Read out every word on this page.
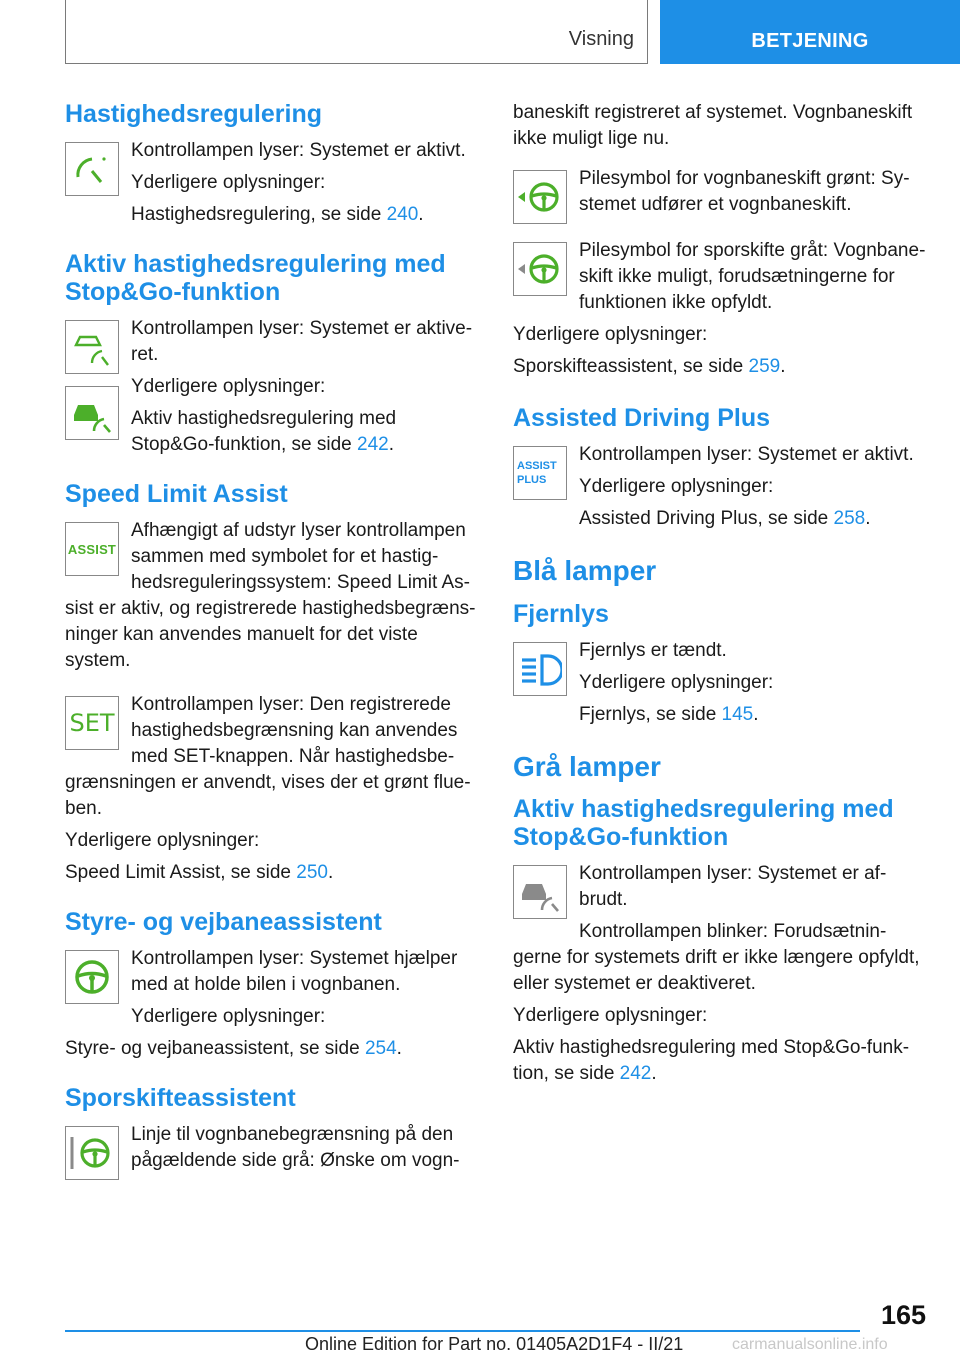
Visning	BETJENING
Hastighedsregulering

Kontrollampen lyser: Systemet er aktivt.

Yderligere oplysninger:

Hastighedsregulering, se side 240.

Aktiv hastighedsregulering med Stop&Go-funktion

Kontrollampen lyser: Systemet er aktive-ret.

Yderligere oplysninger:

Aktiv hastighedsregulering med Stop&Go-funktion, se side 242.

Speed Limit Assist
ASSIST

Afhængigt af udstyr lyser kontrollampen sammen med symbolet for et hastig-hedsreguleringssystem: Speed Limit As-sist er aktiv, og registrerede hastighedsbegræns-ninger kan anvendes manuelt for det viste system.

SET

Kontrollampen lyser: Den registrerede hastighedsbegrænsning kan anvendes med SET-knappen. Når hastighedsbe-grænsningen er anvendt, vises der et grønt flue-ben.

Yderligere oplysninger:

Speed Limit Assist, se side 250.

Styre- og vejbaneassistent

Kontrollampen lyser: Systemet hjælper med at holde bilen i vognbanen.

Yderligere oplysninger:

Styre- og vejbaneassistent, se side 254.

Sporskifteassistent

Linje til vognbanebegrænsning på den pågældende side grå: Ønske om vogn-

baneskift registreret af systemet. Vognbaneskift ikke muligt lige nu.

Pilesymbol for vognbaneskift grønt: Sy-stemet udfører et vognbaneskift.

Pilesymbol for sporskifte gråt: Vognbane-skift ikke muligt, forudsætningerne for funktionen ikke opfyldt.

Yderligere oplysninger:

Sporskifteassistent, se side 259.

Assisted Driving Plus
ASSIST
PLUS

Kontrollampen lyser: Systemet er aktivt.

Yderligere oplysninger:

Assisted Driving Plus, se side 258.

Blå lamper
Fjernlys

Fjernlys er tændt.

Yderligere oplysninger:

Fjernlys, se side 145.

Grå lamper
Aktiv hastighedsregulering med Stop&Go-funktion

Kontrollampen lyser: Systemet er af-brudt.

Kontrollampen blinker: Forudsætnin-gerne for systemets drift er ikke længere opfyldt, eller systemet er deaktiveret.

Yderligere oplysninger:

Aktiv hastighedsregulering med Stop&Go-funk-tion, se side 242.

165
Online Edition for Part no. 01405A2D1F4 - II/21	carmanualsonline.info
